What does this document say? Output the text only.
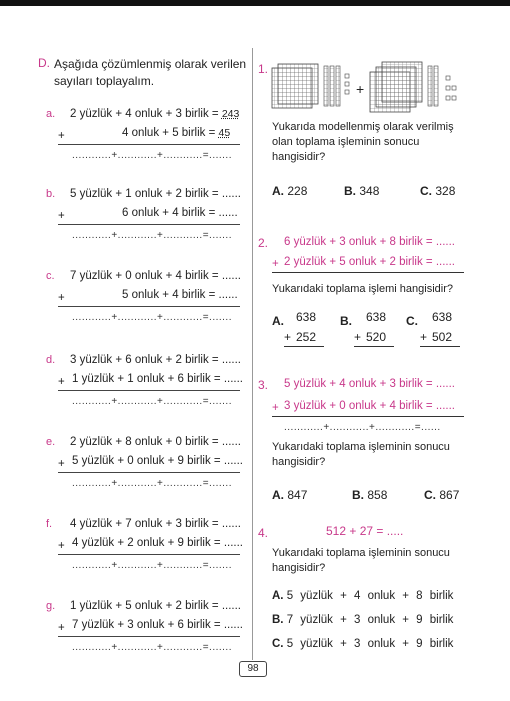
D. Aşağıda çözümlenmiş olarak verilen
sayıları toplayalım.
a. 2 yüzlük + 4 onluk + 3 birlik = 243
+	4 onluk + 5 birlik = 45
............+............+............=.......
b. 5 yüzlük + 1 onluk + 2 birlik = ......
+	6 onluk + 4 birlik = ......
............+............+............=.......
c. 7 yüzlük + 0 onluk + 4 birlik = ......
+	5 onluk + 4 birlik = ......
............+............+............=.......
d. 3 yüzlük + 6 onluk + 2 birlik = ......
+ 1 yüzlük + 1 onluk + 6 birlik = ......
............+............+............=.......
e. 2 yüzlük + 8 onluk + 0 birlik = ......
+ 5 yüzlük + 0 onluk + 9 birlik = ......
............+............+............=.......
f. 4 yüzlük + 7 onluk + 3 birlik = ......
+ 4 yüzlük + 2 onluk + 9 birlik = ......
............+............+............=.......
g. 1 yüzlük + 5 onluk + 2 birlik = ......
+ 7 yüzlük + 3 onluk + 6 birlik = ......
............+............+............=.......
1.
+
Yukarıda modellenmiş olarak verilmiş olan toplama işleminin sonucu hangisidir?
A. 228	B. 348	C. 328
2. 6 yüzlük + 3 onluk + 8 birlik = ......
+ 2 yüzlük + 5 onluk + 2 birlik = ......
Yukarıdaki toplama işlemi hangisidir?
A. 638
+ 252
B. 638
+ 520
C. 638
+ 502
3. 5 yüzlük + 4 onluk + 3 birlik = ......
+ 3 yüzlük + 0 onluk + 4 birlik = ......
............+............+............=......
Yukarıdaki toplama işleminin sonucu hangisidir?
A. 847	B. 858	C. 867
4.	512 + 27 = .....
Yukarıdaki toplama işleminin sonucu hangisidir?
A. 5 yüzlük + 4 onluk + 8 birlik
B. 7 yüzlük + 3 onluk + 9 birlik
C. 5 yüzlük + 3 onluk + 9 birlik
98
